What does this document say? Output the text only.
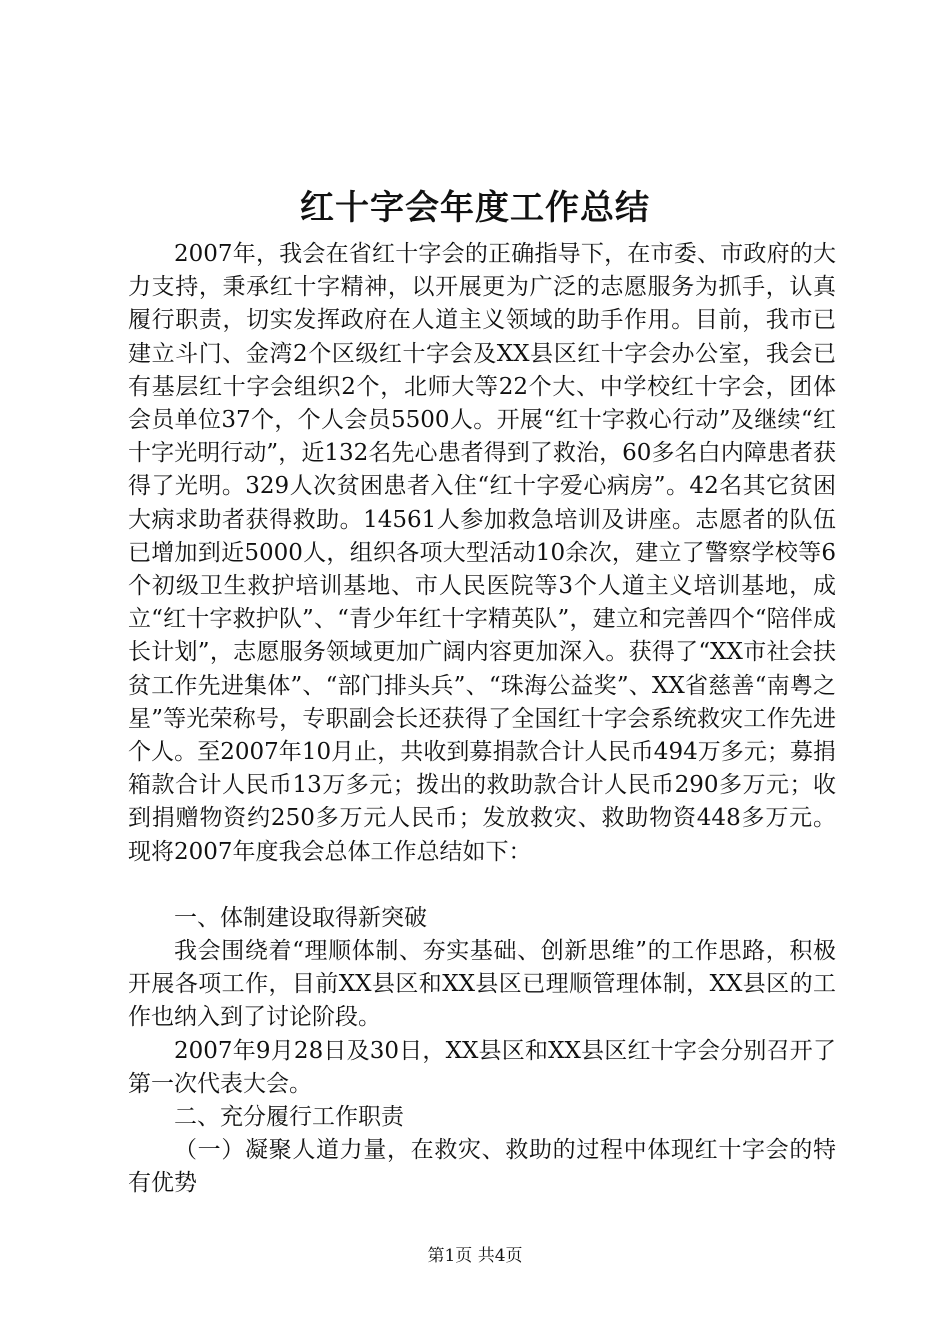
红十字会年度工作总结

2007年，我会在省红十字会的正确指导下，在市委、市政府的大力支持，秉承红十字精神，以开展更为广泛的志愿服务为抓手，认真履行职责，切实发挥政府在人道主义领域的助手作用。目前，我市已建立斗门、金湾2个区级红十字会及XX县区红十字会办公室，我会已有基层红十字会组织2个，北师大等22个大、中学校红十字会，团体会员单位37个，个人会员5500人。开展“红十字救心行动”及继续“红十字光明行动”，近132名先心患者得到了救治，60多名白内障患者获得了光明。329人次贫困患者入住“红十字爱心病房”。42名其它贫困大病求助者获得救助。14561人参加救急培训及讲座。志愿者的队伍已增加到近5000人，组织各项大型活动10余次，建立了警察学校等6个初级卫生救护培训基地、市人民医院等3个人道主义培训基地，成立“红十字救护队”、“青少年红十字精英队”，建立和完善四个“陪伴成长计划”，志愿服务领域更加广阔内容更加深入。获得了“XX市社会扶贫工作先进集体”、“部门排头兵”、“珠海公益奖”、XX省慈善“南粤之星”等光荣称号，专职副会长还获得了全国红十字会系统救灾工作先进个人。至2007年10月止，共收到募捐款合计人民币494万多元；募捐箱款合计人民币13万多元；拨出的救助款合计人民币290多万元；收到捐赠物资约250多万元人民币；发放救灾、救助物资448多万元。现将2007年度我会总体工作总结如下：

一、体制建设取得新突破

我会围绕着“理顺体制、夯实基础、创新思维”的工作思路，积极开展各项工作，目前XX县区和XX县区已理顺管理体制，XX县区的工作也纳入到了讨论阶段。

2007年9月28日及30日，XX县区和XX县区红十字会分别召开了第一次代表大会。

二、充分履行工作职责

（一）凝聚人道力量，在救灾、救助的过程中体现红十字会的特有优势

第1页 共4页
